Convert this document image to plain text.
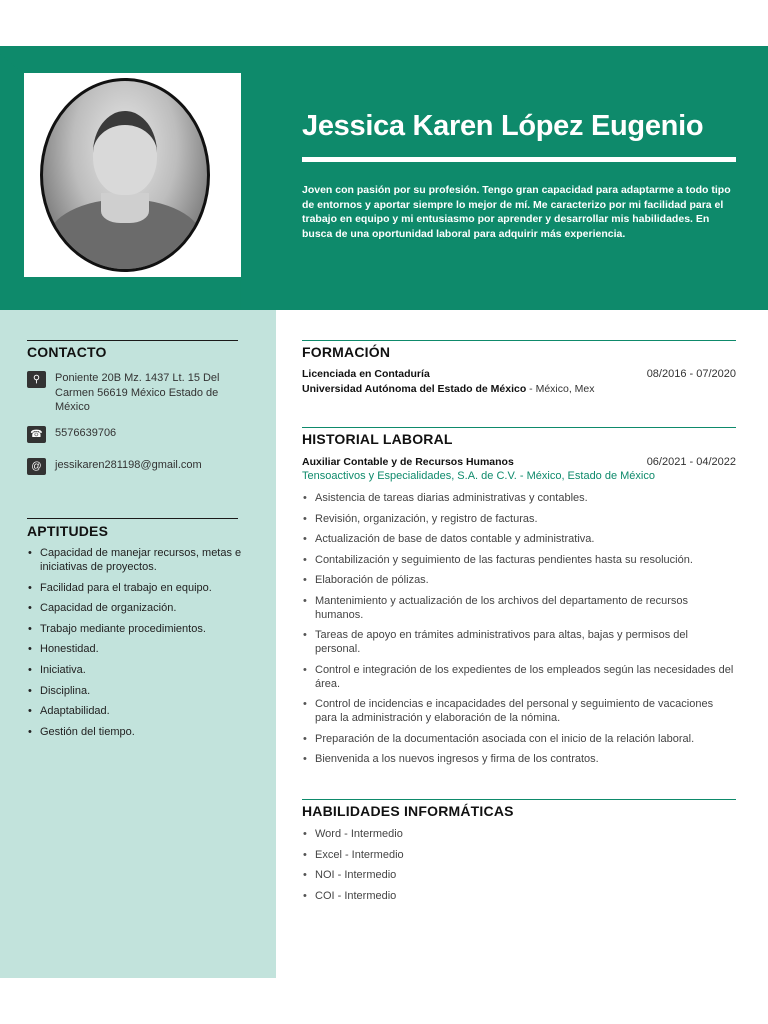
Jessica Karen López Eugenio
Joven con pasión por su profesión. Tengo gran capacidad para adaptarme a todo tipo de entornos y aportar siempre lo mejor de mí. Me caracterizo por mi facilidad para el trabajo en equipo y mi entusiasmo por aprender y desarrollar mis habilidades. En busca de una oportunidad laboral para adquirir más experiencia.
CONTACTO
⚲	Poniente 20B Mz. 1437 Lt. 15 Del Carmen 56619 México Estado de México
☎ 5576639706
@	jessikaren281198@gmail.com
APTITUDES
• Capacidad de manejar recursos, metas e iniciativas de proyectos.
• Facilidad para el trabajo en equipo.
• Capacidad de organización.
• Trabajo mediante procedimientos.
• Honestidad.
• Iniciativa.
• Disciplina.
• Adaptabilidad.
• Gestión del tiempo.
FORMACIÓN
Licenciada en Contaduría	08/2016 - 07/2020
Universidad Autónoma del Estado de México - México, Mex
HISTORIAL LABORAL
Auxiliar Contable y de Recursos Humanos	06/2021 - 04/2022
Tensoactivos y Especialidades, S.A. de C.V. - México, Estado de México
• Asistencia de tareas diarias administrativas y contables.
• Revisión, organización, y registro de facturas.
• Actualización de base de datos contable y administrativa.
• Contabilización y seguimiento de las facturas pendientes hasta su resolución.
• Elaboración de pólizas.
• Mantenimiento y actualización de los archivos del departamento de recursos humanos.
• Tareas de apoyo en trámites administrativos para altas, bajas y permisos del personal.
• Control e integración de los expedientes de los empleados según las necesidades del área.
• Control de incidencias e incapacidades del personal y seguimiento de vacaciones para la administración y elaboración de la nómina.
• Preparación de la documentación asociada con el inicio de la relación laboral.
• Bienvenida a los nuevos ingresos y firma de los contratos.
HABILIDADES INFORMÁTICAS
• Word - Intermedio
• Excel - Intermedio
• NOI - Intermedio
• COI - Intermedio
